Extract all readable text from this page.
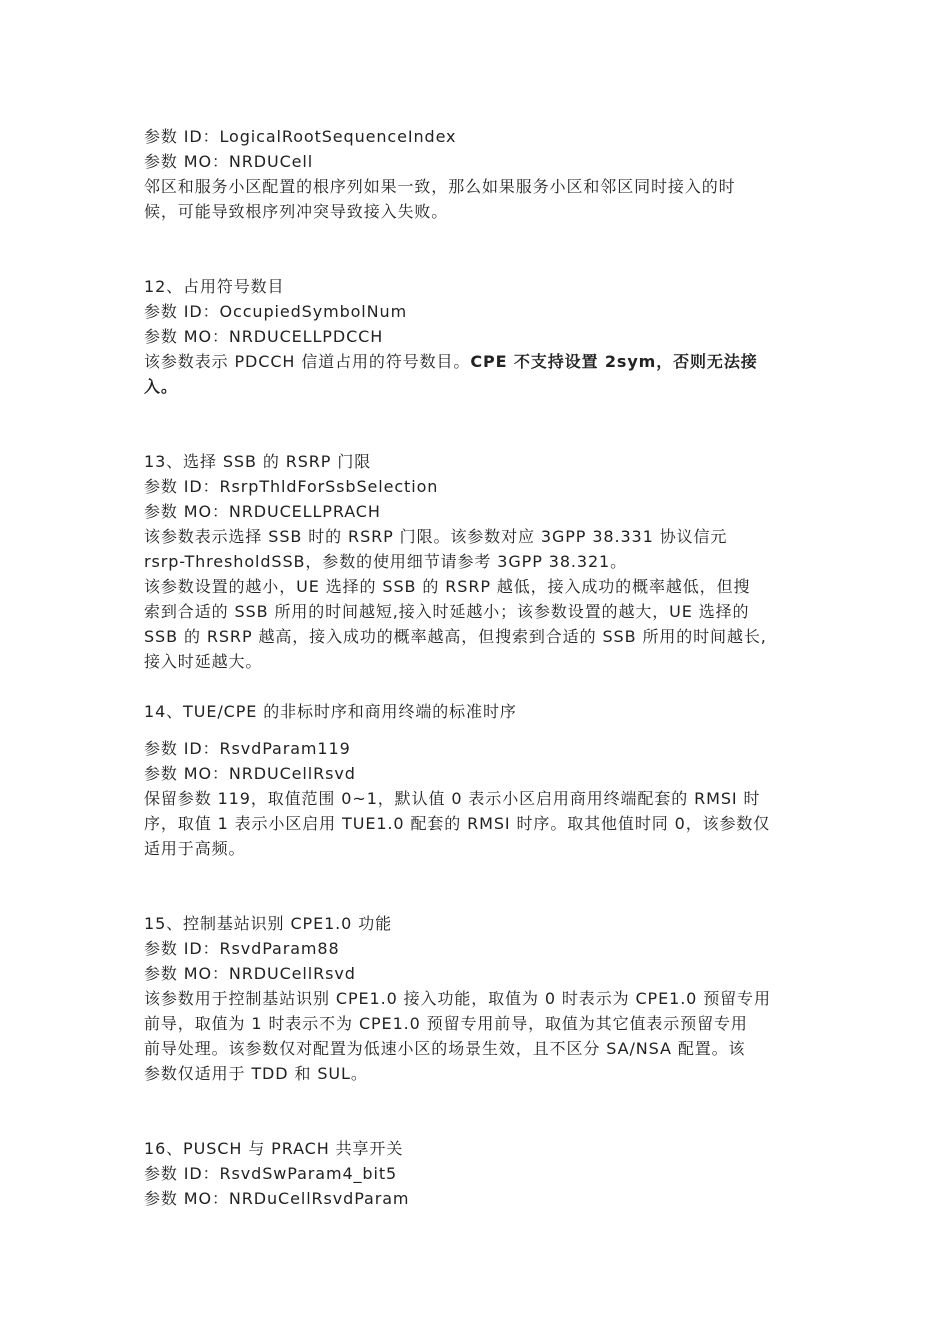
参数 ID：LogicalRootSequenceIndex

参数 MO：NRDUCell

邻区和服务小区配置的根序列如果一致，那么如果服务小区和邻区同时接入的时

候，可能导致根序列冲突导致接入失败。

12、占用符号数目

参数 ID：OccupiedSymbolNum

参数 MO：NRDUCELLPDCCH

该参数表示 PDCCH 信道占用的符号数目。CPE 不支持设置 2sym，否则无法接

入。

13、选择 SSB 的 RSRP 门限

参数 ID：RsrpThldForSsbSelection

参数 MO：NRDUCELLPRACH

该参数表示选择 SSB 时的 RSRP 门限。该参数对应 3GPP 38.331 协议信元

rsrp-ThresholdSSB，参数的使用细节请参考 3GPP 38.321。

该参数设置的越小，UE 选择的 SSB 的 RSRP 越低，接入成功的概率越低，但搜

索到合适的 SSB 所用的时间越短,接入时延越小；该参数设置的越大，UE 选择的

SSB 的 RSRP 越高，接入成功的概率越高，但搜索到合适的 SSB 所用的时间越长,

接入时延越大。

14、TUE/CPE 的非标时序和商用终端的标准时序

参数 ID：RsvdParam119

参数 MO：NRDUCellRsvd

保留参数 119，取值范围 0~1，默认值 0 表示小区启用商用终端配套的 RMSI 时

序，取值 1 表示小区启用 TUE1.0 配套的 RMSI 时序。取其他值时同 0，该参数仅

适用于高频。

15、控制基站识别 CPE1.0 功能

参数 ID：RsvdParam88

参数 MO：NRDUCellRsvd

该参数用于控制基站识别 CPE1.0 接入功能，取值为 0 时表示为 CPE1.0 预留专用

前导，取值为 1 时表示不为 CPE1.0 预留专用前导，取值为其它值表示预留专用

前导处理。该参数仅对配置为低速小区的场景生效，且不区分 SA/NSA 配置。该

参数仅适用于 TDD 和 SUL。

16、PUSCH 与 PRACH 共享开关

参数 ID：RsvdSwParam4_bit5

参数 MO：NRDuCellRsvdParam
